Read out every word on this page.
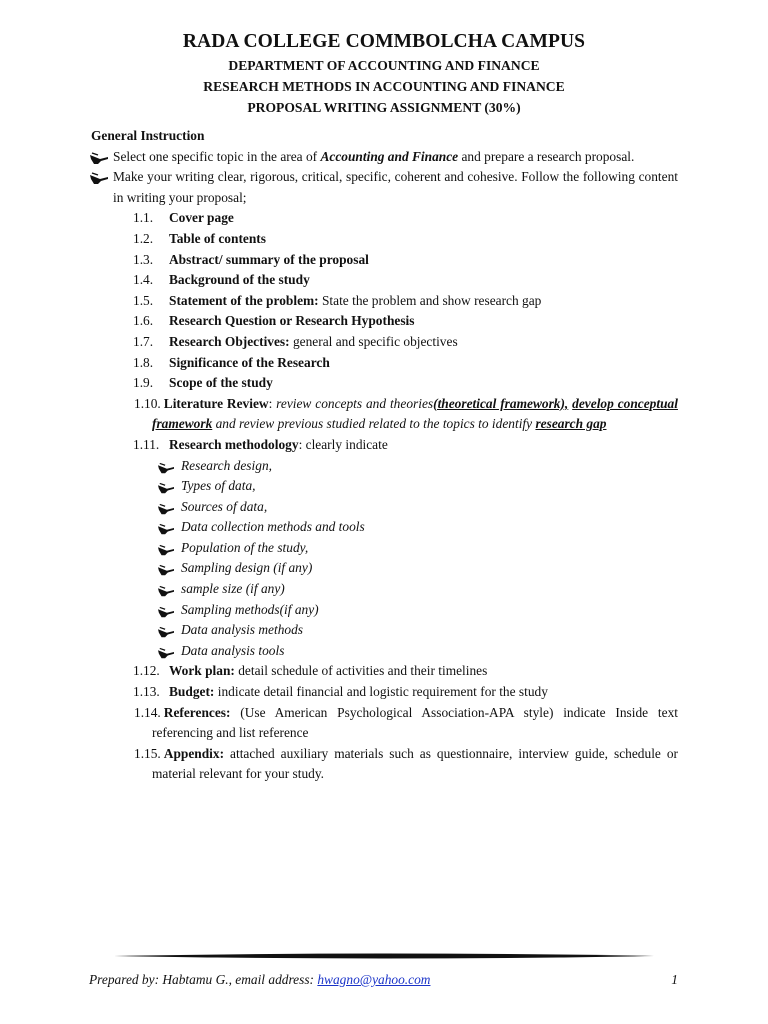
RADA COLLEGE COMMBOLCHA CAMPUS
DEPARTMENT OF ACCOUNTING AND FINANCE
RESEARCH METHODS IN ACCOUNTING AND FINANCE
PROPOSAL WRITING ASSIGNMENT (30%)
General Instruction
Select one specific topic in the area of Accounting and Finance and prepare a research proposal.
Make your writing clear, rigorous, critical, specific, coherent and cohesive. Follow the following content in writing your proposal;
1.1. Cover page
1.2. Table of contents
1.3. Abstract/ summary of the proposal
1.4. Background of the study
1.5. Statement of the problem: State the problem and show research gap
1.6. Research Question or Research Hypothesis
1.7. Research Objectives: general and specific objectives
1.8. Significance of the Research
1.9. Scope of the study
1.10. Literature Review: review concepts and theories(theoretical framework), develop conceptual framework and review previous studied related to the topics to identify research gap
1.11. Research methodology: clearly indicate
Research design,
Types of data,
Sources of data,
Data collection methods and tools
Population of the study,
Sampling design (if any)
sample size (if any)
Sampling methods(if any)
Data analysis methods
Data analysis tools
1.12. Work plan: detail schedule of activities and their timelines
1.13. Budget: indicate detail financial and logistic requirement for the study
1.14. References: (Use American Psychological Association-APA style) indicate Inside text referencing and list reference
1.15. Appendix: attached auxiliary materials such as questionnaire, interview guide, schedule or material relevant for your study.
Prepared by: Habtamu G., email address: hwagno@yahoo.com	1
